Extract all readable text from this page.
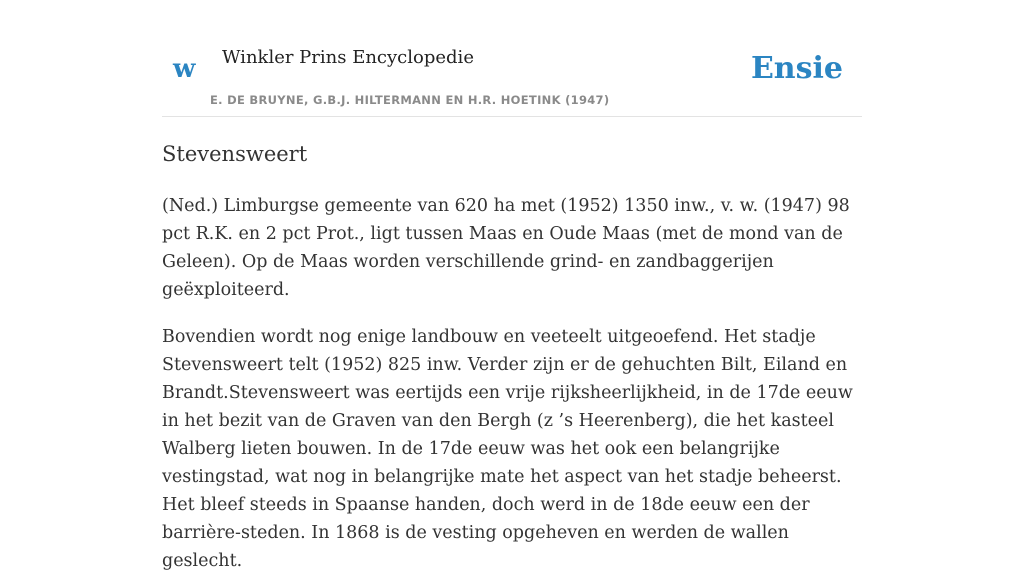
w Winkler Prins Encyclopedie
E. DE BRUYNE, G.B.J. HILTERMANN EN H.R. HOETINK (1947)
Ensie
Stevensweert

(Ned.) Limburgse gemeente van 620 ha met (1952) 1350 inw., v. w. (1947) 98 pct R.K. en 2 pct Prot., ligt tussen Maas en Oude Maas (met de mond van de Geleen). Op de Maas worden verschillende grind- en zandbaggerijen geëxploiteerd.

Bovendien wordt nog enige landbouw en veeteelt uitgeoefend. Het stadje Stevensweert telt (1952) 825 inw. Verder zijn er de gehuchten Bilt, Eiland en Brandt.Stevensweert was eertijds een vrije rijksheerlijkheid, in de 17de eeuw in het bezit van de Graven van den Bergh (z ’s Heerenberg), die het kasteel Walberg lieten bouwen. In de 17de eeuw was het ook een belangrijke vestingstad, wat nog in belangrijke mate het aspect van het stadje beheerst. Het bleef steeds in Spaanse handen, doch werd in de 18de eeuw een der barrière-steden. In 1868 is de vesting opgeheven en werden de wallen geslecht.
